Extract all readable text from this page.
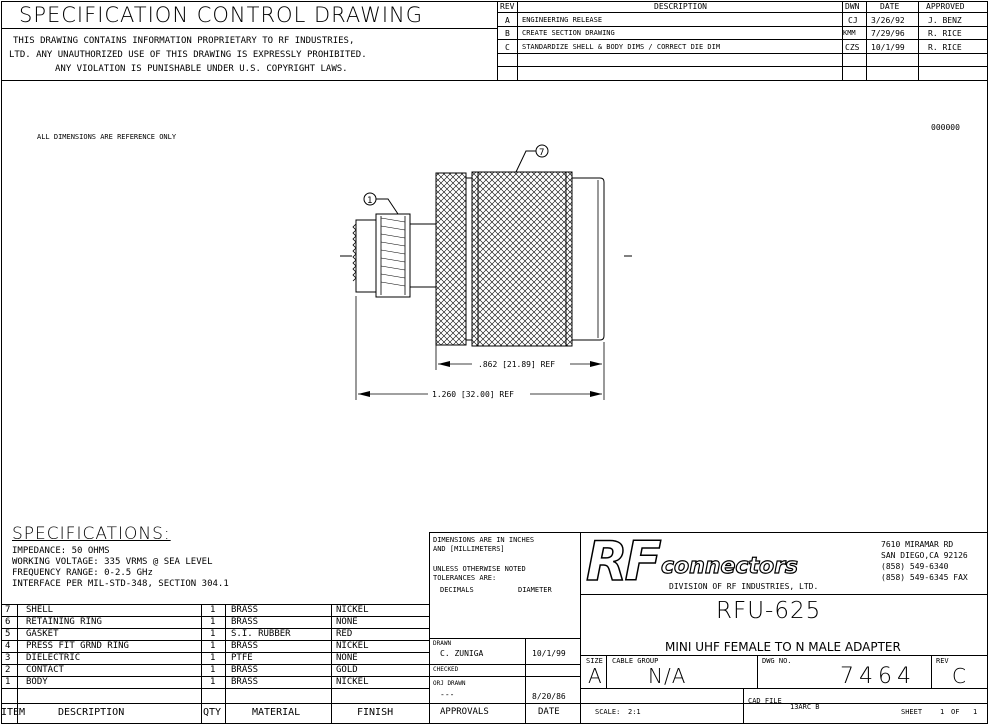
SPECIFICATION CONTROL DRAWING
THIS DRAWING CONTAINS INFORMATION PROPRIETARY TO RF INDUSTRIES,
LTD. ANY UNAUTHORIZED USE OF THIS DRAWING IS EXPRESSLY PROHIBITED.
ANY VIOLATION IS PUNISHABLE UNDER U.S. COPYRIGHT LAWS.
REV	DESCRIPTION	DWN	DATE	APPROVED
A ENGINEERING RELEASE	CJ 3/26/92	J. BENZ
B CREATE SECTION DRAWING	KMM 7/29/96	R. RICE
C STANDARDIZE SHELL & BODY DIMS / CORRECT DIE DIM	CZS 10/1/99	R. RICE
ALL DIMENSIONS ARE REFERENCE ONLY
000000
1
7
.862 [21.89] REF
1.260 [32.00] REF
SPECIFICATIONS:
IMPEDANCE: 50 OHMS
WORKING VOLTAGE: 335 VRMS @ SEA LEVEL
FREQUENCY RANGE: 0-2.5 GHz
INTERFACE PER MIL-STD-348, SECTION 304.1
7 SHELL	1 BRASS	NICKEL
6 RETAINING RING	1 BRASS	NONE
5 GASKET	1 S.I. RUBBER	RED
4 PRESS FIT GRND RING	1 BRASS	NICKEL
3 DIELECTRIC	1 PTFE	NONE
2 CONTACT	1 BRASS	GOLD
1 BODY	1 BRASS	NICKEL
ITEM	DESCRIPTION	QTY	MATERIAL	FINISH
DIMENSIONS ARE IN INCHES
AND [MILLIMETERS]
UNLESS OTHERWISE NOTED
TOLERANCES ARE:
DECIMALS	DIAMETER
DRAWN
C. ZUNIGA	10/1/99
CHECKED
ORJ DRAWN
---	8/20/86
APPROVALS	DATE
RF connectors
DIVISION OF RF INDUSTRIES, LTD.
7610 MIRAMAR RD
SAN DIEGO,CA 92126
(858) 549-6340
(858) 549-6345 FAX
RFU-625
MINI UHF FEMALE TO N MALE ADAPTER
SIZE
A
CABLE GROUP
N/A
DWG NO.
7464
REV
C
SCALE: 2:1
CAD FILE
13ARC B
SHEET	1 OF 1
